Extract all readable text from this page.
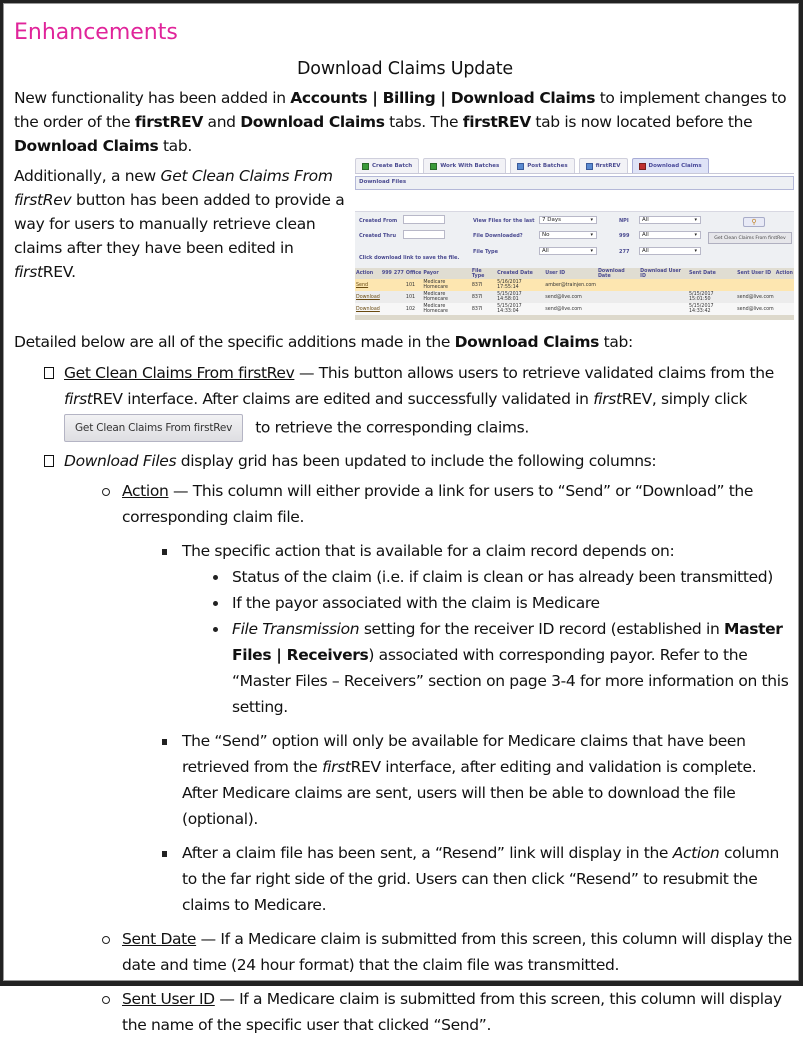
Enhancements
Download Claims Update

New functionality has been added in Accounts | Billing | Download Claims to implement changes to the order of the firstREV and Download Claims tabs. The firstREV tab is now located before the Download Claims tab.

Additionally, a new Get Clean Claims From firstRev button has been added to provide a way for users to manually retrieve clean claims after they have been edited in firstREV.
Create Batch	Work With Batches	Post Batches	firstREV	Download Claims
Download Files
Created From
Created Thru
Click download link to save the file.
View Files for the last	7 Days ▾
File Downloaded?	No ▾
File Type	All ▾
NPI	All ▾
999	All ▾
277	All ▾
⚲
Get Clean Claims From firstRev
Action	999	277	Office	Payor	File Type	Created Date	User ID	Download Date	Download User ID	Sent Date	Sent User ID	Action
Send			101	Medicare Homecare	837I	5/16/2017 17:55:14	amber@trainjen.com					
Download			101	Medicare Homecare	837I	5/15/2017 14:58:01	send@live.com			5/15/2017 15:01:50	send@live.com	
Download			102	Medicare Homecare	837I	5/15/2017 14:33:04	send@live.com			5/15/2017 14:33:42	send@live.com	

Detailed below are all of the specific additions made in the Download Claims tab:

Get Clean Claims From firstRev — This button allows users to retrieve validated claims from the firstREV interface. After claims are edited and successfully validated in firstREV, simply click
Get Clean Claims From firstRev to retrieve the corresponding claims.
Download Files display grid has been updated to include the following columns:
Action — This column will either provide a link for users to “Send” or “Download” the corresponding claim file.
The specific action that is available for a claim record depends on:
Status of the claim (i.e. if claim is clean or has already been transmitted)
If the payor associated with the claim is Medicare
File Transmission setting for the receiver ID record (established in Master Files | Receivers) associated with corresponding payor. Refer to the “Master Files – Receivers” section on page 3-4 for more information on this setting.
The “Send” option will only be available for Medicare claims that have been retrieved from the firstREV interface, after editing and validation is complete. After Medicare claims are sent, users will then be able to download the file (optional).
After a claim file has been sent, a “Resend” link will display in the Action column to the far right side of the grid. Users can then click “Resend” to resubmit the claims to Medicare.
Sent Date — If a Medicare claim is submitted from this screen, this column will display the date and time (24 hour format) that the claim file was transmitted.
Sent User ID — If a Medicare claim is submitted from this screen, this column will display the name of the specific user that clicked “Send”.
